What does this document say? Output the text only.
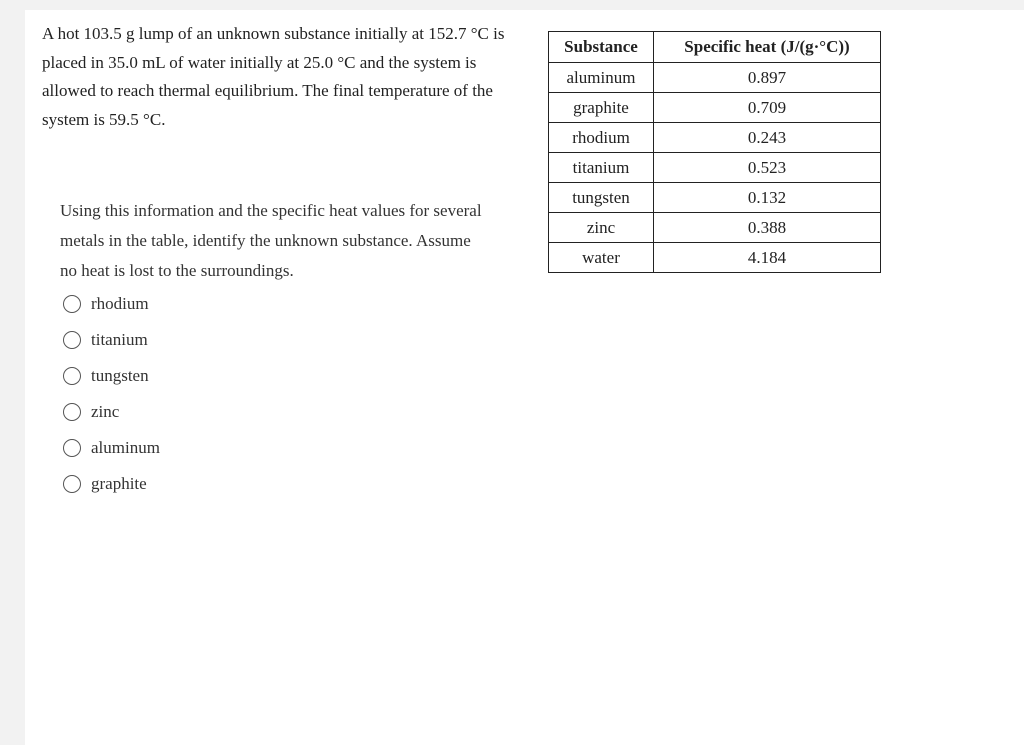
A hot 103.5 g lump of an unknown substance initially at 152.7 °C is placed in 35.0 mL of water initially at 25.0 °C and the system is allowed to reach thermal equilibrium. The final temperature of the system is 59.5 °C.
Substance	Specific heat (J/(g·°C))
aluminum	0.897
graphite	0.709
rhodium	0.243
titanium	0.523
tungsten	0.132
zinc	0.388
water	4.184
Using this information and the specific heat values for several metals in the table, identify the unknown substance. Assume no heat is lost to the surroundings.
rhodium
titanium
tungsten
zinc
aluminum
graphite
